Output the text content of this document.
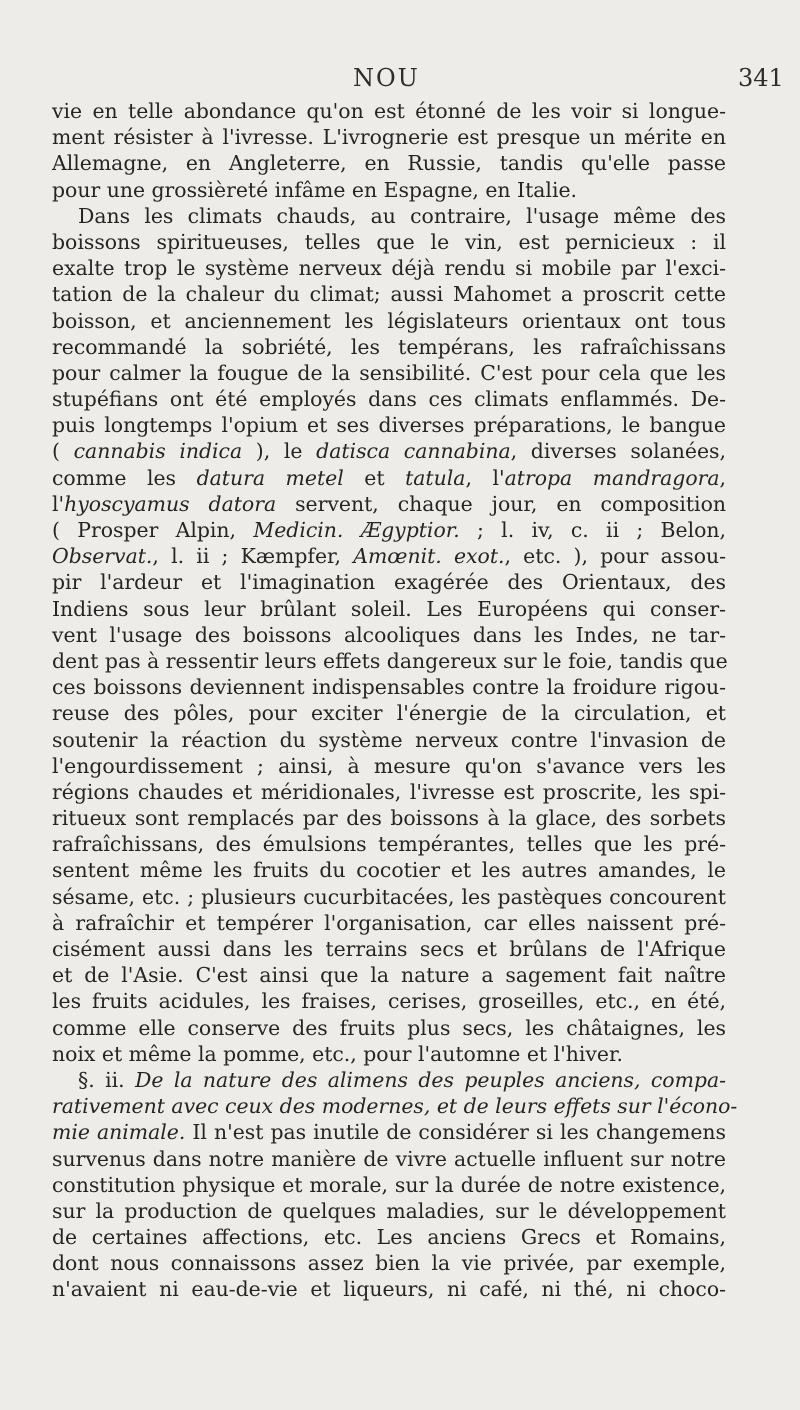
NOU	341
vie en telle abondance qu'on est étonné de les voir si longue-
ment résister à l'ivresse. L'ivrognerie est presque un mérite en
Allemagne, en Angleterre, en Russie, tandis qu'elle passe
pour une grossièreté infâme en Espagne, en Italie.
Dans les climats chauds, au contraire, l'usage même des
boissons spiritueuses, telles que le vin, est pernicieux : il
exalte trop le système nerveux déjà rendu si mobile par l'exci-
tation de la chaleur du climat; aussi Mahomet a proscrit cette
boisson, et anciennement les législateurs orientaux ont tous
recommandé la sobriété, les tempérans, les rafraîchissans
pour calmer la fougue de la sensibilité. C'est pour cela que les
stupéfians ont été employés dans ces climats enflammés. De-
puis longtemps l'opium et ses diverses préparations, le bangue
( cannabis indica ), le datisca cannabina, diverses solanées,
comme les datura metel et tatula, l'atropa mandragora,
l'hyoscyamus datora servent, chaque jour, en composition
( Prosper Alpin, Medicin. Ægyptior. ; l. iv, c. ii ; Belon,
Observat., l. ii ; Kæmpfer, Amœnit. exot., etc. ), pour assou-
pir l'ardeur et l'imagination exagérée des Orientaux, des
Indiens sous leur brûlant soleil. Les Européens qui conser-
vent l'usage des boissons alcooliques dans les Indes, ne tar-
dent pas à ressentir leurs effets dangereux sur le foie, tandis que
ces boissons deviennent indispensables contre la froidure rigou-
reuse des pôles, pour exciter l'énergie de la circulation, et
soutenir la réaction du système nerveux contre l'invasion de
l'engourdissement ; ainsi, à mesure qu'on s'avance vers les
régions chaudes et méridionales, l'ivresse est proscrite, les spi-
ritueux sont remplacés par des boissons à la glace, des sorbets
rafraîchissans, des émulsions tempérantes, telles que les pré-
sentent même les fruits du cocotier et les autres amandes, le
sésame, etc. ; plusieurs cucurbitacées, les pastèques concourent
à rafraîchir et tempérer l'organisation, car elles naissent pré-
cisément aussi dans les terrains secs et brûlans de l'Afrique
et de l'Asie. C'est ainsi que la nature a sagement fait naître
les fruits acidules, les fraises, cerises, groseilles, etc., en été,
comme elle conserve des fruits plus secs, les châtaignes, les
noix et même la pomme, etc., pour l'automne et l'hiver.
§. ii. De la nature des alimens des peuples anciens, compa-
rativement avec ceux des modernes, et de leurs effets sur l'écono-
mie animale. Il n'est pas inutile de considérer si les changemens
survenus dans notre manière de vivre actuelle influent sur notre
constitution physique et morale, sur la durée de notre existence,
sur la production de quelques maladies, sur le développement
de certaines affections, etc. Les anciens Grecs et Romains,
dont nous connaissons assez bien la vie privée, par exemple,
n'avaient ni eau-de-vie et liqueurs, ni café, ni thé, ni choco-
